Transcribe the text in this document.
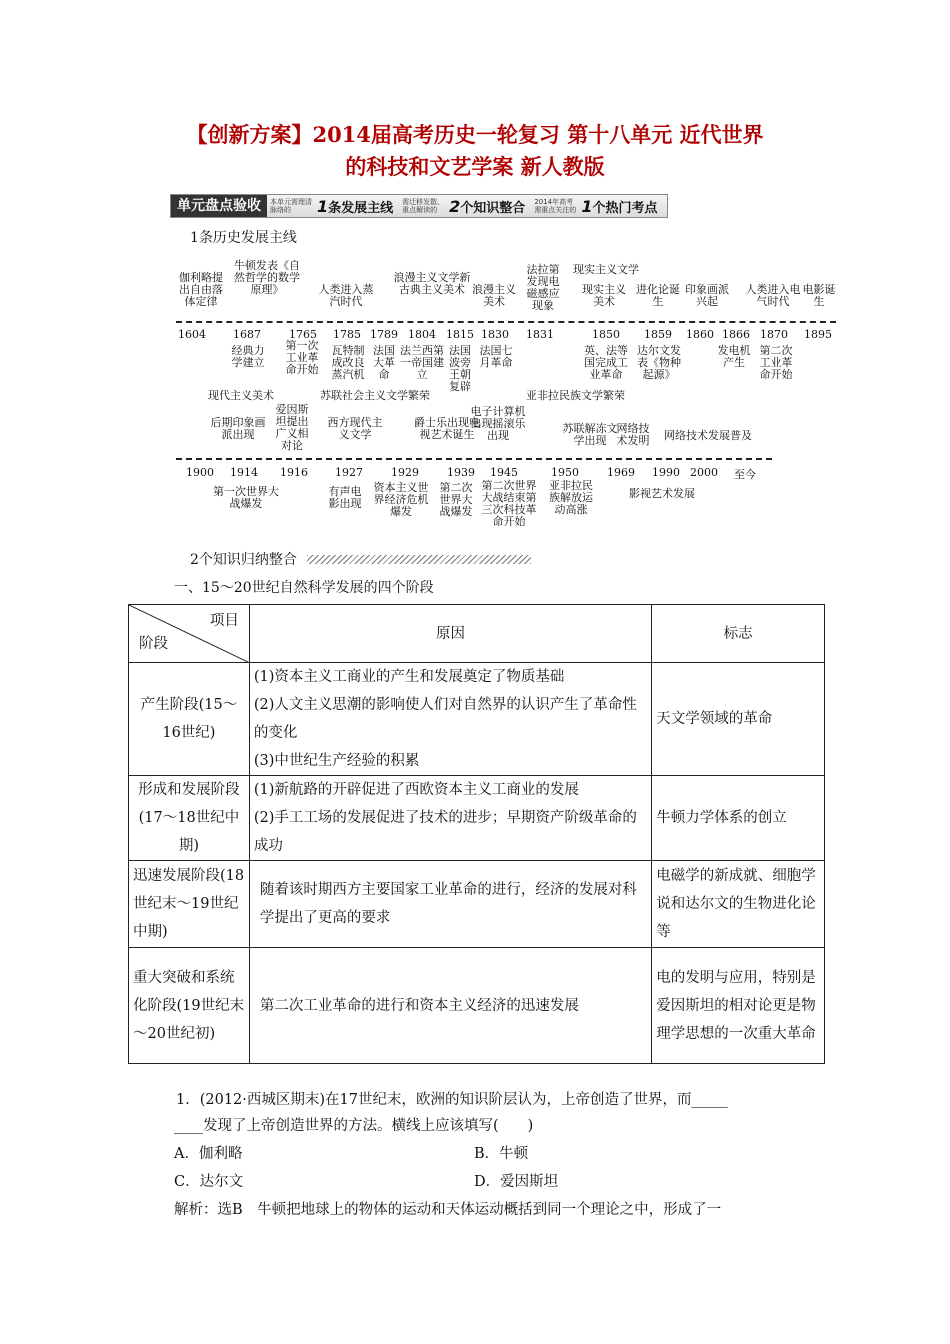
【创新方案】2014届高考历史一轮复习 第十八单元 近代世界
的科技和文艺学案 新人教版
单元盘点验收	本单元需理清脉络的	1 条发展主线 需迁移发散、重点解读的 2 个知识整合 2014年高考需重点关注的 1 个热门考点
1条历史发展主线
伽利略提出自由落体定律
牛顿发表《自然哲学的数学原理》	人类进入蒸汽时代
浪漫主义文学新古典主义美术 浪漫主义美术
法拉第发现电磁感应现象
现实主义文学
现实主义美术
进化论诞生
印象画派兴起
人类进入电气时代
电影诞生
1604 1687	1765 1785 1789 1804 1815 1830 1831	1850 1859 1860 1866 1870 1895
经典力学建立
第一次工业革命开始
瓦特制成改良蒸汽机
法国大革命
法兰西第一帝国建立
法国波旁王朝复辟
法国七月革命
英、法等国完成工业革命
达尔文发表《物种起源》
发电机产生
第二次工业革命开始
现代主义美术	苏联社会主义文学繁荣	亚非拉民族文学繁荣
后期印象画派出现
爱因斯坦提出广义相对论
西方现代主义文学
爵士乐出现电视艺术诞生
电子计算机出现摇滚乐出现
苏联解冻文学出现
网络技术发明	网络技术发展普及
1900 1914 1916 1927	1929	1939 1945	1950	1969 1990 2000 至今
第一次世界大战爆发
有声电影出现
资本主义世界经济危机爆发
第二次世界大战爆发
第二次世界大战结束第三次科技革命开始
亚非拉民族解放运动高涨
影视艺术发展
2个知识归纳整合
一、15～20世纪自然科学发展的四个阶段
项目
阶段	原因	标志
产生阶段(15～16世纪)	(1)资本主义工商业的产生和发展奠定了物质基础
(2)人文主义思潮的影响使人们对自然界的认识产生了革命性的变化
(3)中世纪生产经验的积累	天文学领域的革命
形成和发展阶段(17～18世纪中期)	(1)新航路的开辟促进了西欧资本主义工商业的发展
(2)手工工场的发展促进了技术的进步；早期资产阶级革命的成功	牛顿力学体系的创立
迅速发展阶段(18世纪末～19世纪中期)	随着该时期西方主要国家工业革命的进行，经济的发展对科学提出了更高的要求	电磁学的新成就、细胞学说和达尔文的生物进化论等
重大突破和系统化阶段(19世纪末～20世纪初)	第二次工业革命的进行和资本主义经济的迅速发展	电的发明与应用，特别是爱因斯坦的相对论更是物理学思想的一次重大革命
1．(2012·西城区期末)在17世纪末，欧洲的知识阶层认为，上帝创造了世界，而_____
____发现了上帝创造世界的方法。横线上应该填写(　　)
A．伽利略	B．牛顿
C．达尔文	D．爱因斯坦
解析：选B　牛顿把地球上的物体的运动和天体运动概括到同一个理论之中，形成了一
